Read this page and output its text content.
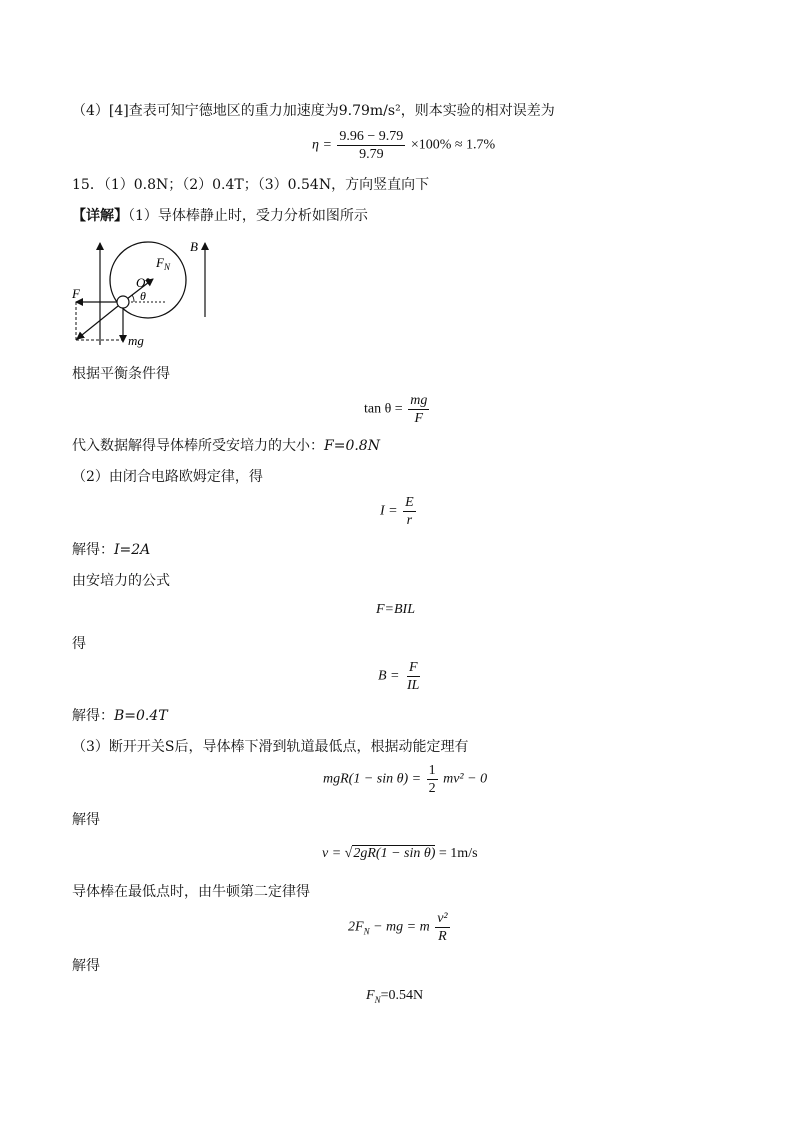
（4）[4]查表可知宁德地区的重力加速度为9.79m/s²，则本实验的相对误差为
$\eta = \frac{9.96 - 9.79}{9.79} \times 100\% \approx 1.7\%$
15．（1）0.8N；（2）0.4T；（3）0.54N，方向竖直向下
【详解】（1）导体棒静止时，受力分析如图所示
F
$F_N$
O
θ
B
mg
根据平衡条件得
$\tan \theta = \frac{mg}{F}$
代入数据解得导体棒所受安培力的大小：F=0.8N
（2）由闭合电路欧姆定律，得
$I = \frac{E}{r}$
解得：I=2A
由安培力的公式
F=BIL
得
$B = \frac{F}{IL}$
解得：B=0.4T
（3）断开开关S后，导体棒下滑到轨道最低点，根据动能定理有
$mgR(1 - \sin \theta) = \frac{1}{2} mv^2 - 0$
解得
v = √2gR(1 − sin θ) = 1m/s
导体棒在最低点时，由牛顿第二定律得
$2F_N$ − mg = m $\frac{\text{v²}}{R}$
解得
$F_N=0.54N$
